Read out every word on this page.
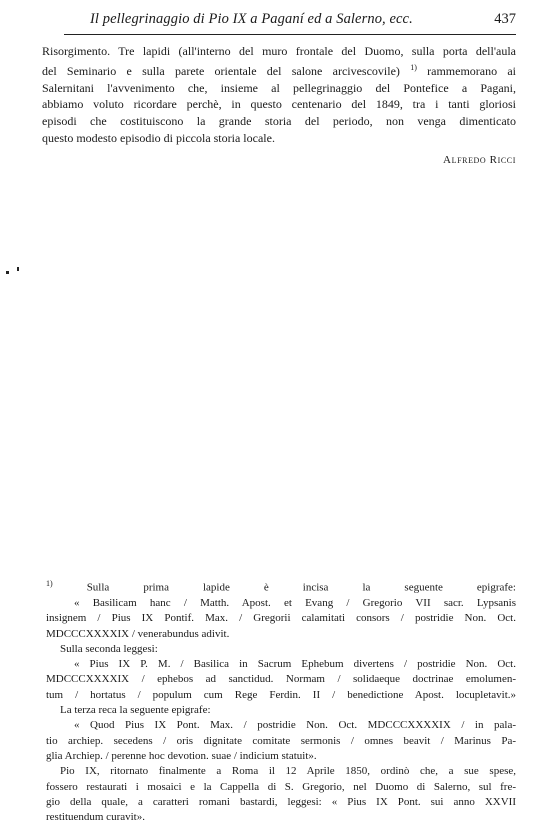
Il pellegrinaggio di Pio IX a Paganí ed a Salerno, ecc.	437
Risorgimento. Tre lapidi (all'interno del muro frontale del Duomo, sulla porta dell'aula
del Seminario e sulla parete orientale del salone arcivescovile) $^{1)}$ rammemorano ai
Salernitani l'avvenimento che, insieme al pellegrinaggio del Pontefice a Pagani,
abbiamo voluto ricordare perchè, in questo centenario del 1849, tra i tanti gloriosi
episodi che costituiscono la grande storia del periodo, non venga dimenticato
questo modesto episodio di piccola storia locale.
Alfredo Ricci
$^{1)}$	Sulla prima lapide è incisa la seguente epigrafe:
« Basilicam hanc / Matth. Apost. et Evang / Gregorio VII sacr. Lypsanis
insignem / Pius IX Pontif. Max. / Gregorii calamitati consors / postridie Non. Oct.
MDCCCXXXXIX / venerabundus adivit.
Sulla seconda leggesi:
« Pius IX P. M. / Basilica in Sacrum Ephebum divertens / postridie Non. Oct.
MDCCCXXXXIX / ephebos ad sanctidud. Normam / solidaeque doctrinae emolumen-
tum / hortatus / populum cum Rege Ferdin. II / benedictione Apost. locupletavit.»
La terza reca la seguente epigrafe:
« Quod Pius IX Pont. Max. / postridie Non. Oct. MDCCCXXXXIX / in pala-
tio archiep. secedens / oris dignitate comitate sermonis / omnes beavit / Marinus Pa-
glia Archiep. / perenne hoc devotion. suae / indicium statuit».
Pio IX, ritornato finalmente a Roma il 12 Aprile 1850, ordinò che, a sue spese,
fossero restaurati i mosaici e la Cappella di S. Gregorio, nel Duomo di Salerno, sul fre-
gio della quale, a caratteri romani bastardi, leggesi: « Pius IX Pont. sui anno XXVII
restituendum curavit».
